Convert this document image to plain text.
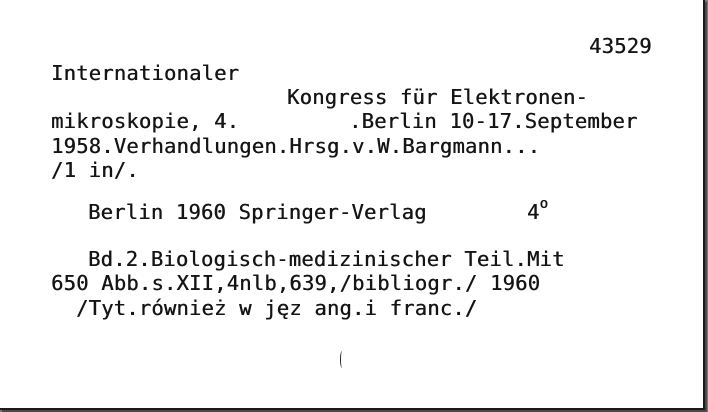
43529
Internationaler
Kongress für Elektronen-
mikroskopie, 4.	.Berlin 10-17.September
1958.Verhandlungen.Hrsg.v.W.Bargmann...
/1 in/.
Berlin 1960 Springer-Verlag	4$^o$
Bd.2.Biologisch-medizinischer Teil.Mit
650 Abb.s.XII,4nlb,639,/bibliogr./ 1960
/Tyt.również w jęz ang.i franc./
